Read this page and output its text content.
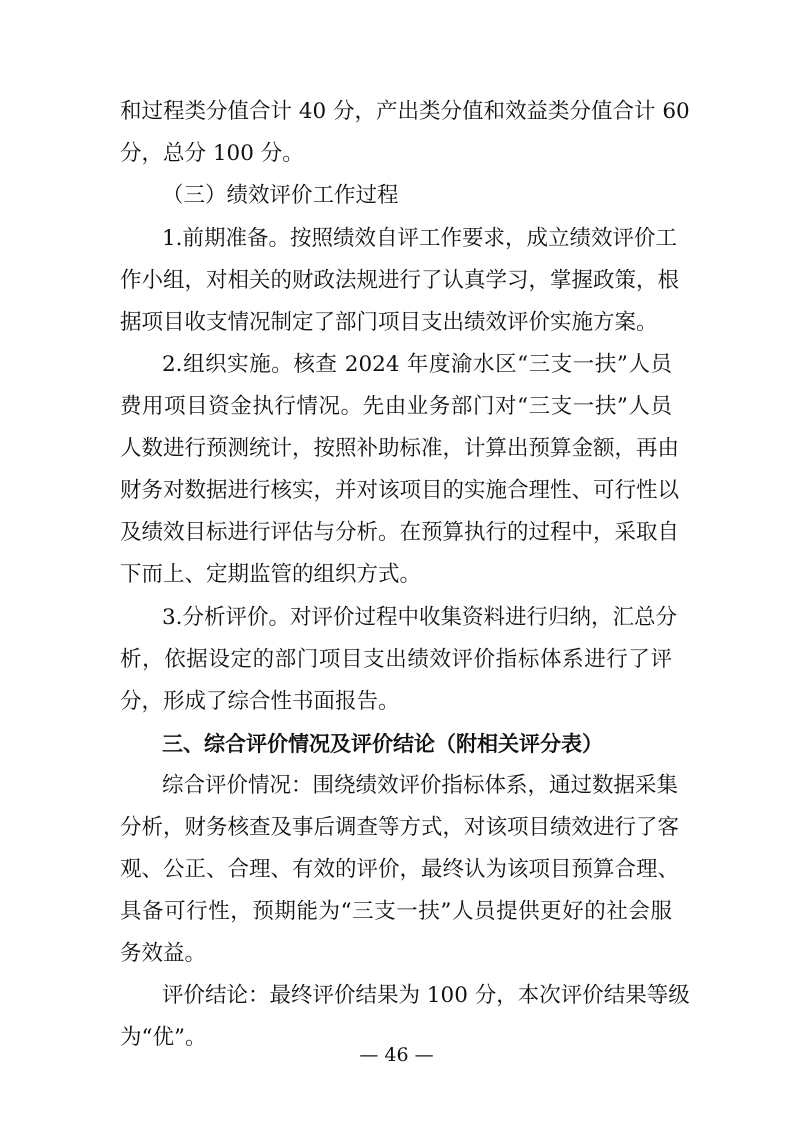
和过程类分值合计 40 分，产出类分值和效益类分值合计 60

分，总分 100 分。

（三）绩效评价工作过程

1.前期准备。按照绩效自评工作要求，成立绩效评价工

作小组，对相关的财政法规进行了认真学习，掌握政策，根

据项目收支情况制定了部门项目支出绩效评价实施方案。

2.组织实施。核查 2024 年度渝水区“三支一扶”人员

费用项目资金执行情况。先由业务部门对“三支一扶”人员

人数进行预测统计，按照补助标准，计算出预算金额，再由

财务对数据进行核实，并对该项目的实施合理性、可行性以

及绩效目标进行评估与分析。在预算执行的过程中，采取自

下而上、定期监管的组织方式。

3.分析评价。对评价过程中收集资料进行归纳，汇总分

析，依据设定的部门项目支出绩效评价指标体系进行了评

分，形成了综合性书面报告。

三、综合评价情况及评价结论（附相关评分表）

综合评价情况：围绕绩效评价指标体系，通过数据采集

分析，财务核查及事后调查等方式，对该项目绩效进行了客

观、公正、合理、有效的评价，最终认为该项目预算合理、

具备可行性，预期能为“三支一扶”人员提供更好的社会服

务效益。

评价结论：最终评价结果为 100 分，本次评价结果等级

为“优”。

— 46 —
